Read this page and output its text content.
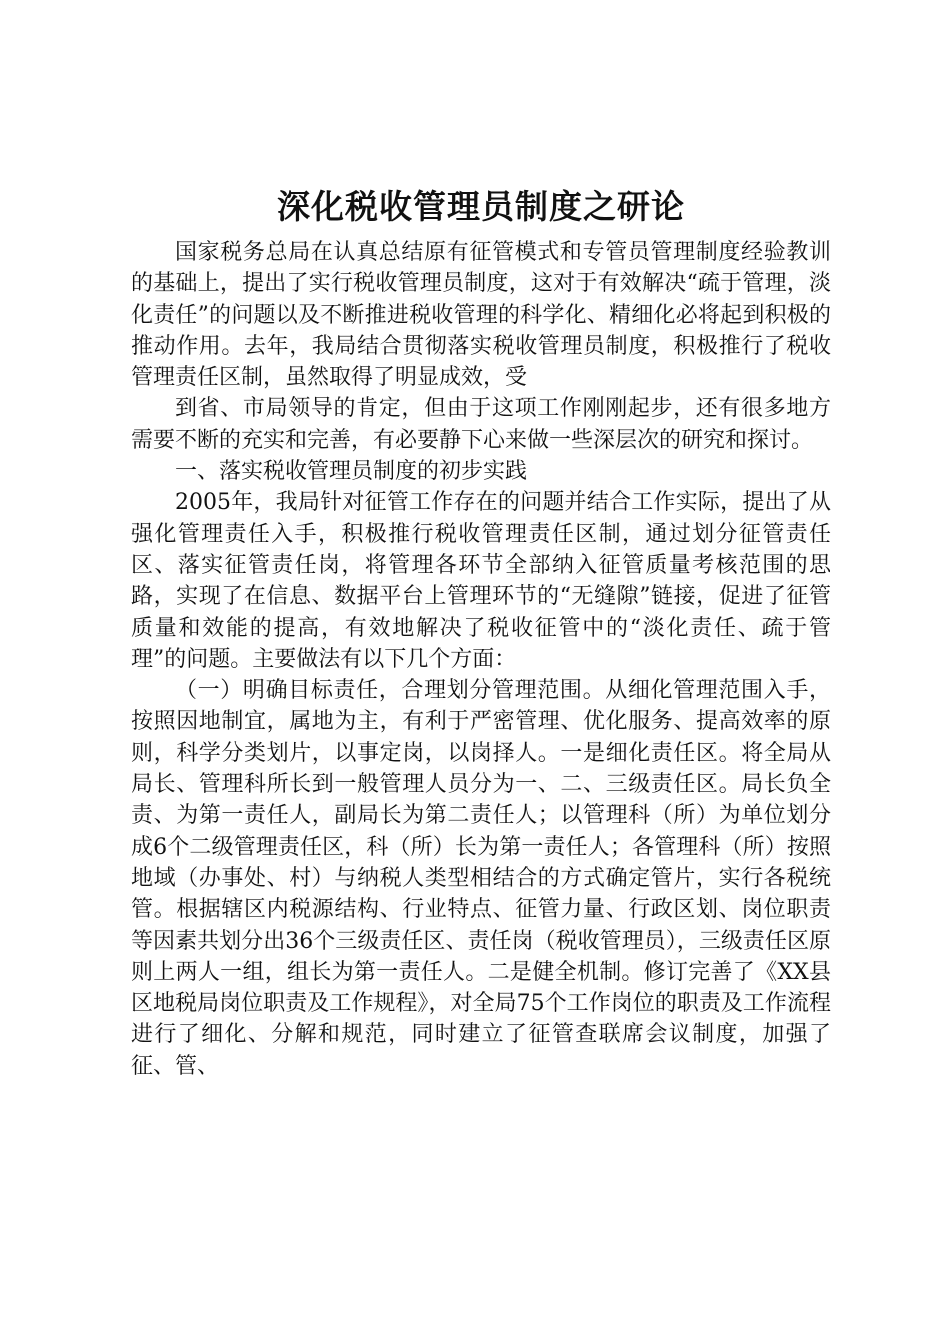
深化税收管理员制度之研论

国家税务总局在认真总结原有征管模式和专管员管理制度经验教训的基础上，提出了实行税收管理员制度，这对于有效解决“疏于管理，淡化责任”的问题以及不断推进税收管理的科学化、精细化必将起到积极的推动作用。去年，我局结合贯彻落实税收管理员制度，积极推行了税收管理责任区制，虽然取得了明显成效，受

到省、市局领导的肯定，但由于这项工作刚刚起步，还有很多地方需要不断的充实和完善，有必要静下心来做一些深层次的研究和探讨。

一、落实税收管理员制度的初步实践

2005年，我局针对征管工作存在的问题并结合工作实际，提出了从强化管理责任入手，积极推行税收管理责任区制，通过划分征管责任区、落实征管责任岗，将管理各环节全部纳入征管质量考核范围的思路，实现了在信息、数据平台上管理环节的“无缝隙”链接，促进了征管质量和效能的提高，有效地解决了税收征管中的“淡化责任、疏于管理”的问题。主要做法有以下几个方面：

（一）明确目标责任，合理划分管理范围。从细化管理范围入手，按照因地制宜，属地为主，有利于严密管理、优化服务、提高效率的原则，科学分类划片，以事定岗，以岗择人。一是细化责任区。将全局从局长、管理科所长到一般管理人员分为一、二、三级责任区。局长负全责、为第一责任人，副局长为第二责任人；以管理科（所）为单位划分成6个二级管理责任区，科（所）长为第一责任人；各管理科（所）按照地域（办事处、村）与纳税人类型相结合的方式确定管片，实行各税统管。根据辖区内税源结构、行业特点、征管力量、行政区划、岗位职责等因素共划分出36个三级责任区、责任岗（税收管理员），三级责任区原则上两人一组，组长为第一责任人。二是健全机制。修订完善了《XX县区地税局岗位职责及工作规程》，对全局75个工作岗位的职责及工作流程进行了细化、分解和规范，同时建立了征管查联席会议制度，加强了征、管、
